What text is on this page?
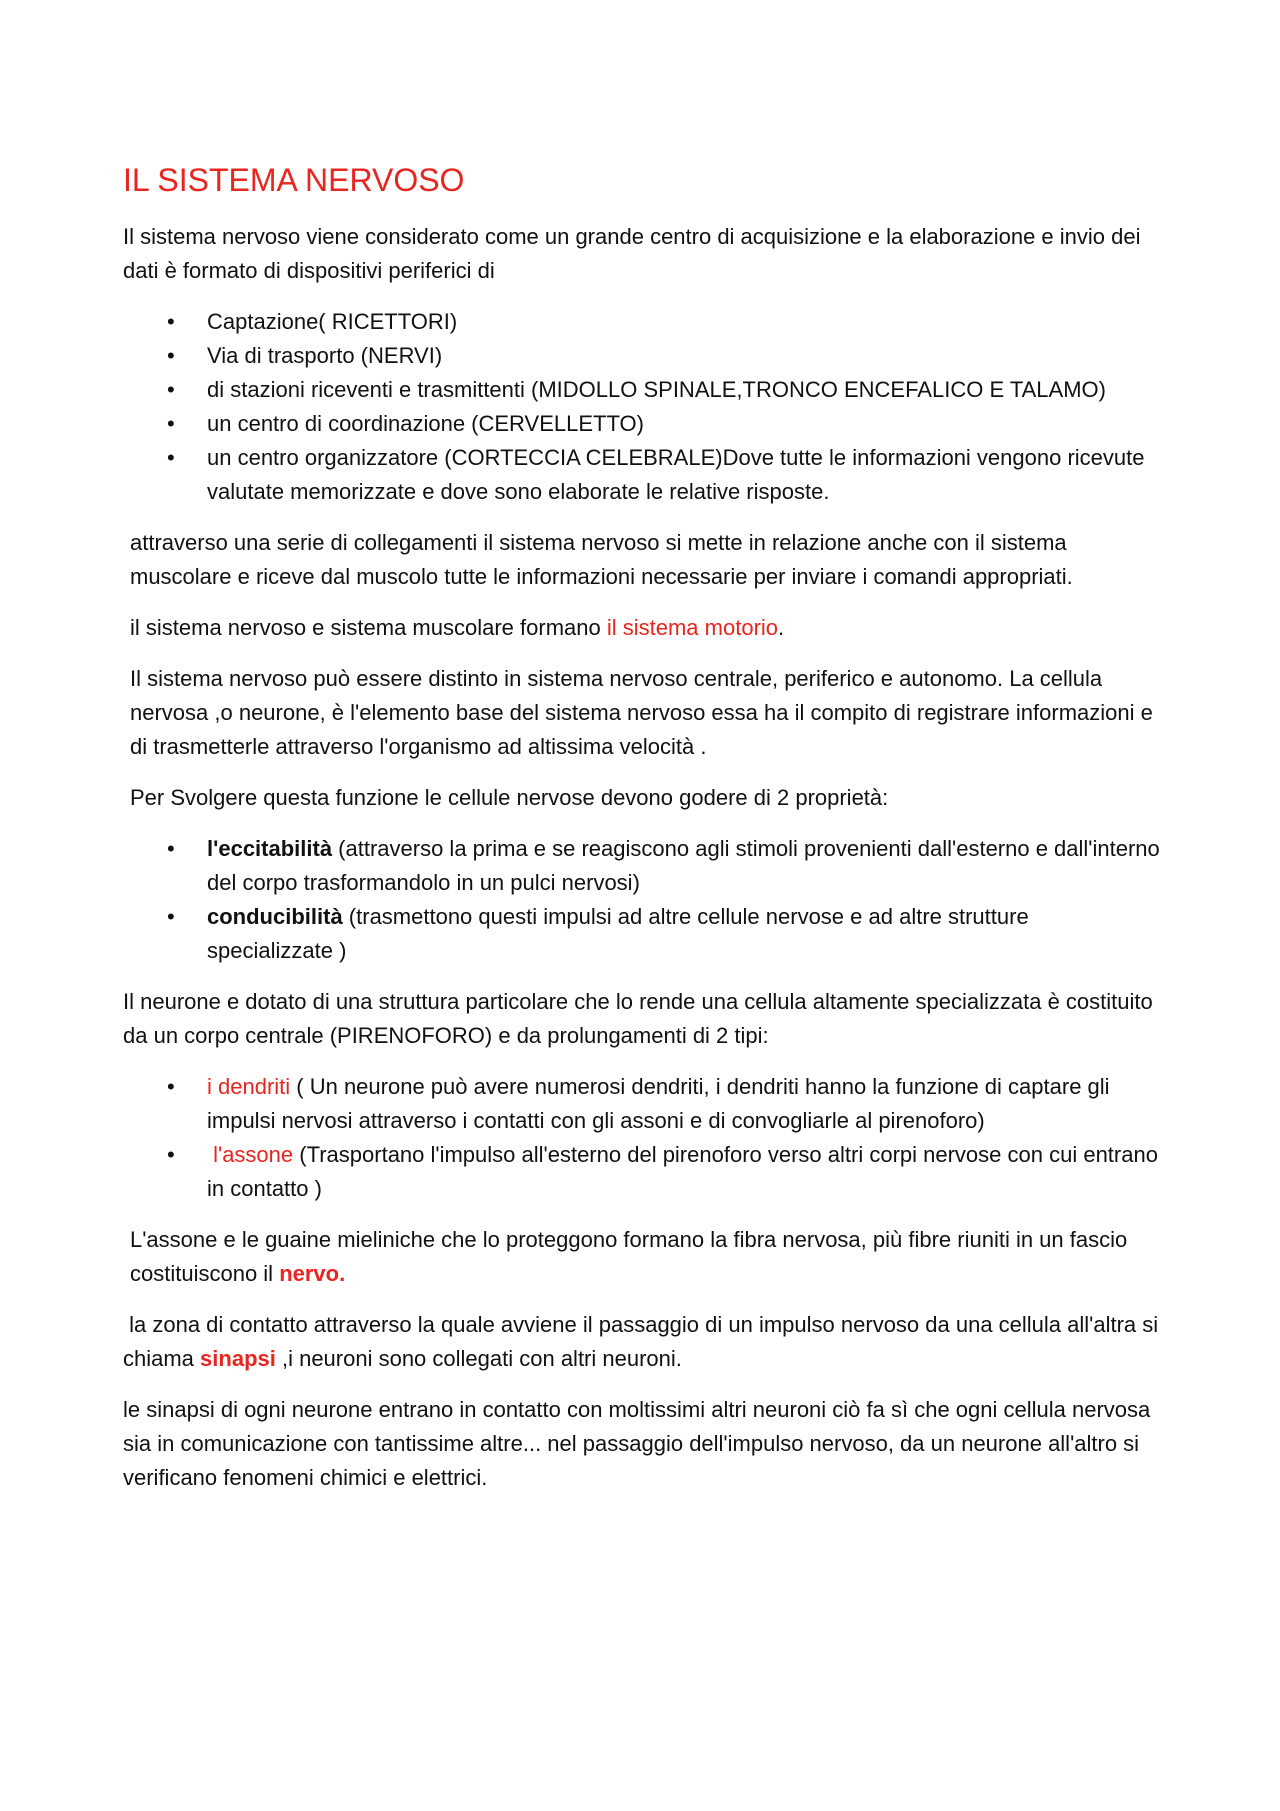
IL SISTEMA NERVOSO

Il sistema nervoso viene considerato come un grande centro di acquisizione e la elaborazione e invio dei dati è formato di dispositivi periferici di

• Captazione( RICETTORI)
• Via di trasporto (NERVI)
• di stazioni riceventi e trasmittenti (MIDOLLO SPINALE,TRONCO ENCEFALICO E TALAMO)
• un centro di coordinazione (CERVELLETTO)
• un centro organizzatore (CORTECCIA CELEBRALE)Dove tutte le informazioni vengono ricevute valutate memorizzate e dove sono elaborate le relative risposte.

attraverso una serie di collegamenti il sistema nervoso si mette in relazione anche con il sistema muscolare e riceve dal muscolo tutte le informazioni necessarie per inviare i comandi appropriati.

il sistema nervoso e sistema muscolare formano il sistema motorio.

Il sistema nervoso può essere distinto in sistema nervoso centrale, periferico e autonomo. La cellula nervosa ,o neurone, è l'elemento base del sistema nervoso essa ha il compito di registrare informazioni e di trasmetterle attraverso l'organismo ad altissima velocità .

Per Svolgere questa funzione le cellule nervose devono godere di 2 proprietà:

• l'eccitabilità (attraverso la prima e se reagiscono agli stimoli provenienti dall'esterno e dall'interno del corpo trasformandolo in un pulci nervosi)
• conducibilità (trasmettono questi impulsi ad altre cellule nervose e ad altre strutture specializzate )

Il neurone e dotato di una struttura particolare che lo rende una cellula altamente specializzata è costituito da un corpo centrale (PIRENOFORO) e da prolungamenti di 2 tipi:

• i dendriti ( Un neurone può avere numerosi dendriti, i dendriti hanno la funzione di captare gli impulsi nervosi attraverso i contatti con gli assoni e di convogliarle al pirenoforo)
•  l'assone (Trasportano l'impulso all'esterno del pirenoforo verso altri corpi nervose con cui entrano in contatto )

L'assone e le guaine mieliniche che lo proteggono formano la fibra nervosa, più fibre riuniti in un fascio costituiscono il nervo.

la zona di contatto attraverso la quale avviene il passaggio di un impulso nervoso da una cellula all'altra si chiama sinapsi ,i neuroni sono collegati con altri neuroni.

le sinapsi di ogni neurone entrano in contatto con moltissimi altri neuroni ciò fa sì che ogni cellula nervosa sia in comunicazione con tantissime altre... nel passaggio dell'impulso nervoso, da un neurone all'altro si verificano fenomeni chimici e elettrici.
